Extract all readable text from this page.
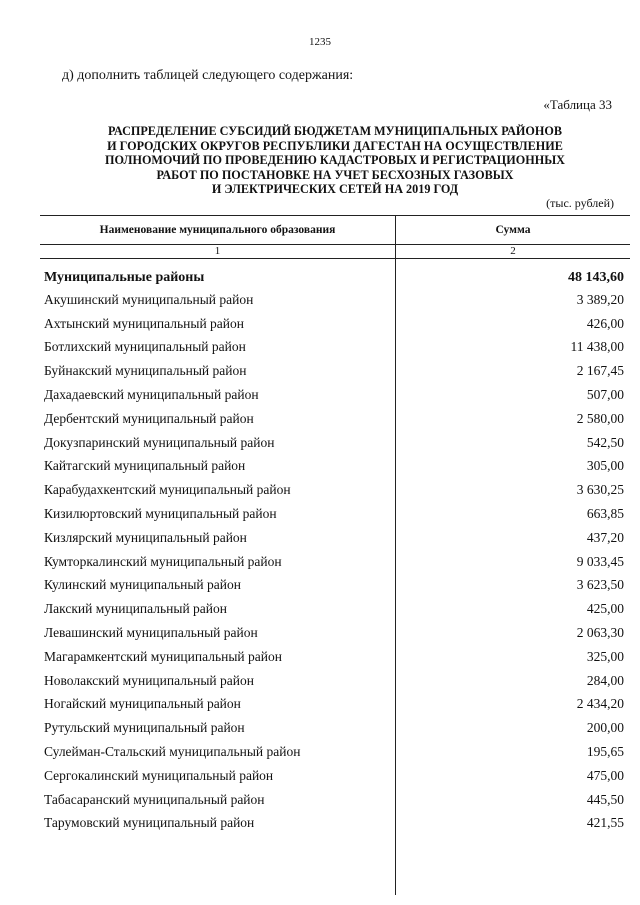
1235
д) дополнить таблицей следующего содержания:
«Таблица 33
РАСПРЕДЕЛЕНИЕ СУБСИДИЙ БЮДЖЕТАМ МУНИЦИПАЛЬНЫХ РАЙОНОВ
И ГОРОДСКИХ ОКРУГОВ РЕСПУБЛИКИ ДАГЕСТАН НА ОСУЩЕСТВЛЕНИЕ
ПОЛНОМОЧИЙ ПО ПРОВЕДЕНИЮ КАДАСТРОВЫХ И РЕГИСТРАЦИОННЫХ
РАБОТ ПО ПОСТАНОВКЕ НА УЧЕТ БЕСХОЗНЫХ ГАЗОВЫХ
И ЭЛЕКТРИЧЕСКИХ СЕТЕЙ НА 2019 ГОД
(тыс. рублей)
Наименование муниципального образования	Сумма
1	2
Муниципальные районы	48 143,60
Акушинский муниципальный район	3 389,20
Ахтынский муниципальный район	426,00
Ботлихский муниципальный район	11 438,00
Буйнакский муниципальный район	2 167,45
Дахадаевский муниципальный район	507,00
Дербентский муниципальный район	2 580,00
Докузпаринский муниципальный район	542,50
Кайтагский муниципальный район	305,00
Карабудахкентский муниципальный район	3 630,25
Кизилюртовский муниципальный район	663,85
Кизлярский муниципальный район	437,20
Кумторкалинский муниципальный район	9 033,45
Кулинский муниципальный район	3 623,50
Лакский муниципальный район	425,00
Левашинский муниципальный район	2 063,30
Магарамкентский муниципальный район	325,00
Новолакский муниципальный район	284,00
Ногайский муниципальный район	2 434,20
Рутульский муниципальный район	200,00
Сулейман-Стальский муниципальный район	195,65
Сергокалинский муниципальный район	475,00
Табасаранский муниципальный район	445,50
Тарумовский муниципальный район	421,55
